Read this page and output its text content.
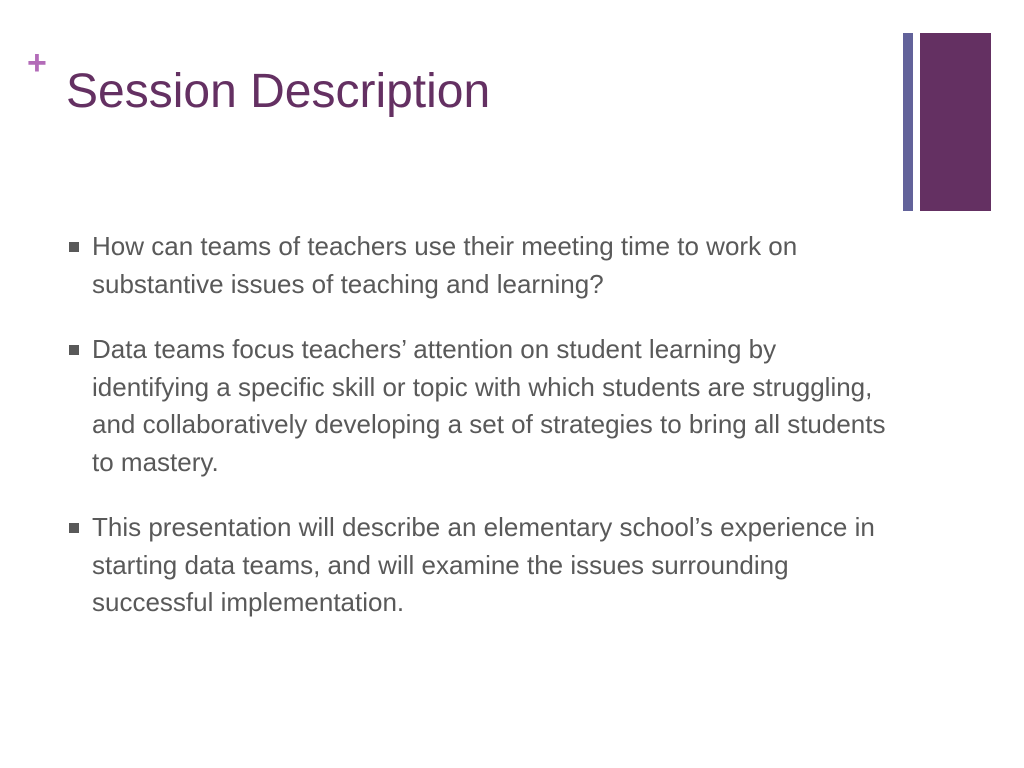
+
Session Description
How can teams of teachers use their meeting time to work on substantive issues of teaching and learning?
Data teams focus teachers’ attention on student learning by identifying a specific skill or topic with which students are struggling, and collaboratively developing a set of strategies to bring all students to mastery.
This presentation will describe an elementary school’s experience in starting data teams, and will examine the issues surrounding successful implementation.
